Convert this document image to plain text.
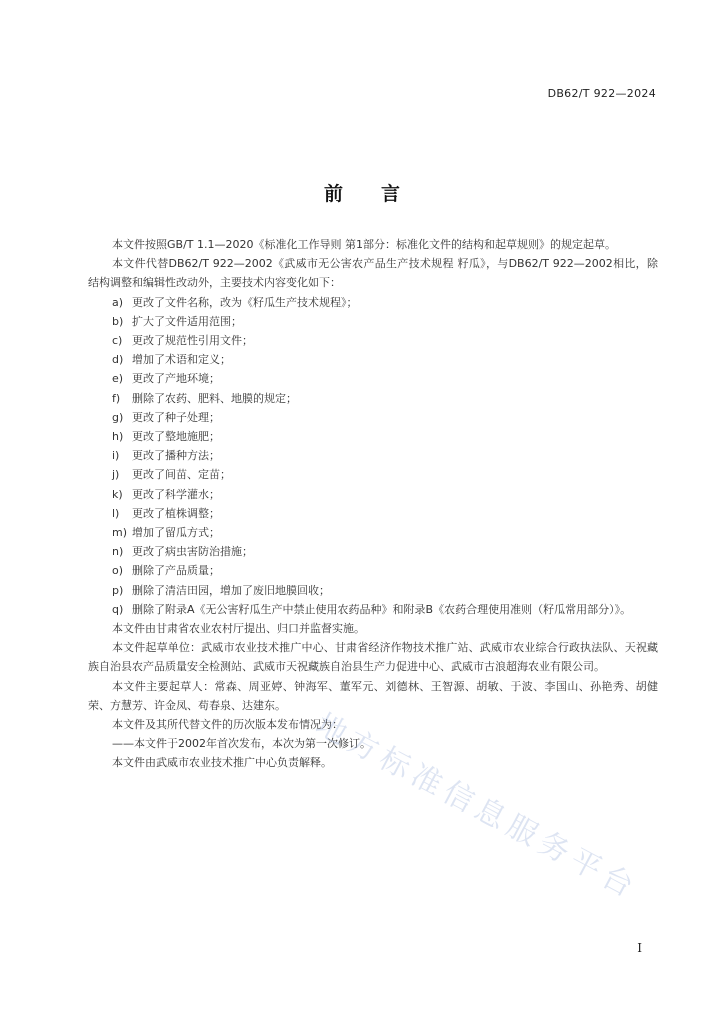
DB62/T 922—2024
前言

本文件按照GB/T 1.1—2020《标准化工作导则 第1部分：标准化文件的结构和起草规则》的规定起草。

本文件代替DB62/T 922—2002《武威市无公害农产品生产技术规程 籽瓜》，与DB62/T 922—2002相比，除结构调整和编辑性改动外，主要技术内容变化如下：

a) 更改了文件名称，改为《籽瓜生产技术规程》；
b) 扩大了文件适用范围；
c) 更改了规范性引用文件；
d) 增加了术语和定义；
e) 更改了产地环境；
f) 删除了农药、肥料、地膜的规定；
g) 更改了种子处理；
h) 更改了整地施肥；
i) 更改了播种方法；
j) 更改了间苗、定苗；
k) 更改了科学灌水；
l) 更改了植株调整；
m) 增加了留瓜方式；
n) 更改了病虫害防治措施；
o) 删除了产品质量；
p) 删除了清洁田园，增加了废旧地膜回收；
q) 删除了附录A《无公害籽瓜生产中禁止使用农药品种》和附录B《农药合理使用准则（籽瓜常用部分）》。

本文件由甘肃省农业农村厅提出、归口并监督实施。

本文件起草单位：武威市农业技术推广中心、甘肃省经济作物技术推广站、武威市农业综合行政执法队、天祝藏族自治县农产品质量安全检测站、武威市天祝藏族自治县生产力促进中心、武威市古浪超海农业有限公司。

本文件主要起草人：常森、周亚婷、钟海军、董军元、刘德林、王智源、胡敏、于波、李国山、孙艳秀、胡健荣、方慧芳、许金凤、苟春泉、达建东。

本文件及其所代替文件的历次版本发布情况为：

——本文件于2002年首次发布，本次为第一次修订。

本文件由武威市农业技术推广中心负责解释。

地方标准信息服务平台
I
